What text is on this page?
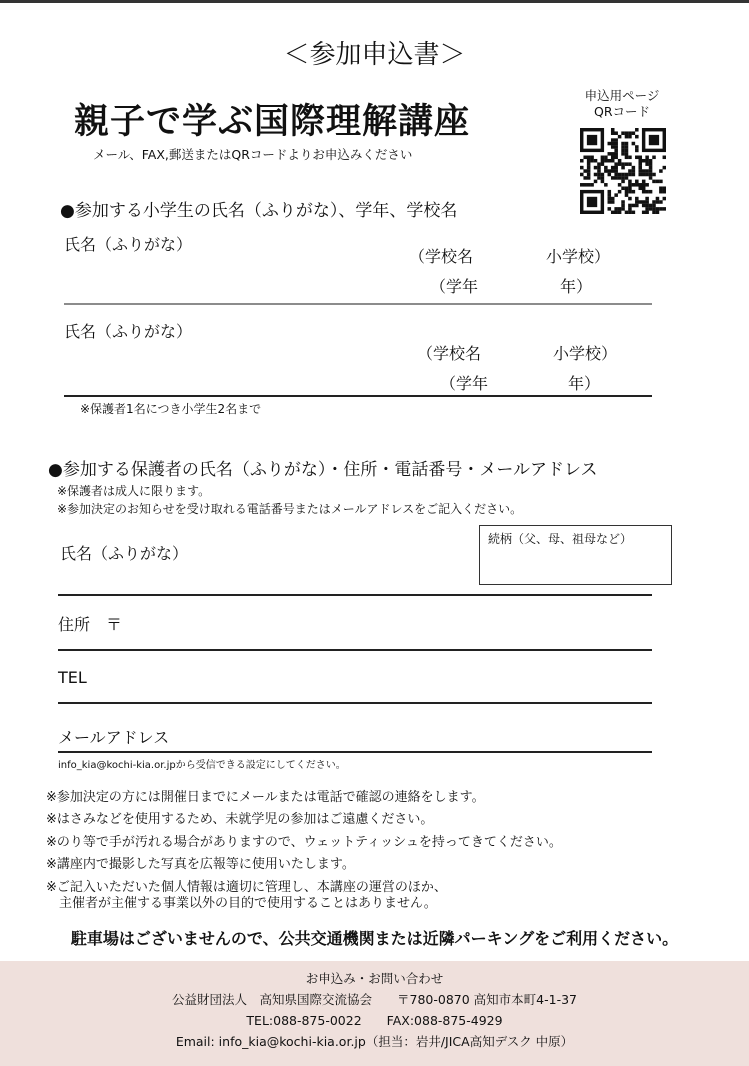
＜参加申込書＞
親子で学ぶ国際理解講座
メール、FAX,郵送またはQRコードよりお申込みください
申込用ページ
QRコード
●参加する小学生の氏名（ふりがな）、学年、学校名
氏名（ふりがな）
（学校名	小学校）
（学年	年）
氏名（ふりがな）
（学校名	小学校）
（学年	年）
※保護者1名につき小学生2名まで
●参加する保護者の氏名（ふりがな）・住所・電話番号・メールアドレス
※保護者は成人に限ります。
※参加決定のお知らせを受け取れる電話番号またはメールアドレスをご記入ください。
氏名（ふりがな）
続柄（父、母、祖母など）
住所　〒
TEL
メールアドレス
info_kia@kochi-kia.or.jpから受信できる設定にしてください。
※参加決定の方には開催日までにメールまたは電話で確認の連絡をします。
※はさみなどを使用するため、未就学児の参加はご遠慮ください。
※のり等で手が汚れる場合がありますので、ウェットティッシュを持ってきてください。
※講座内で撮影した写真を広報等に使用いたします。
※ご記入いただいた個人情報は適切に管理し、本講座の運営のほか、
　主催者が主催する事業以外の目的で使用することはありません。
駐車場はございませんので、公共交通機関または近隣パーキングをご利用ください。
お申込み・お問い合わせ
公益財団法人　高知県国際交流協会　　〒780-0870 高知市本町4-1-37
TEL:088-875-0022　　FAX:088-875-4929
Email: info_kia@kochi-kia.or.jp（担当：岩井/JICA高知デスク 中原）
